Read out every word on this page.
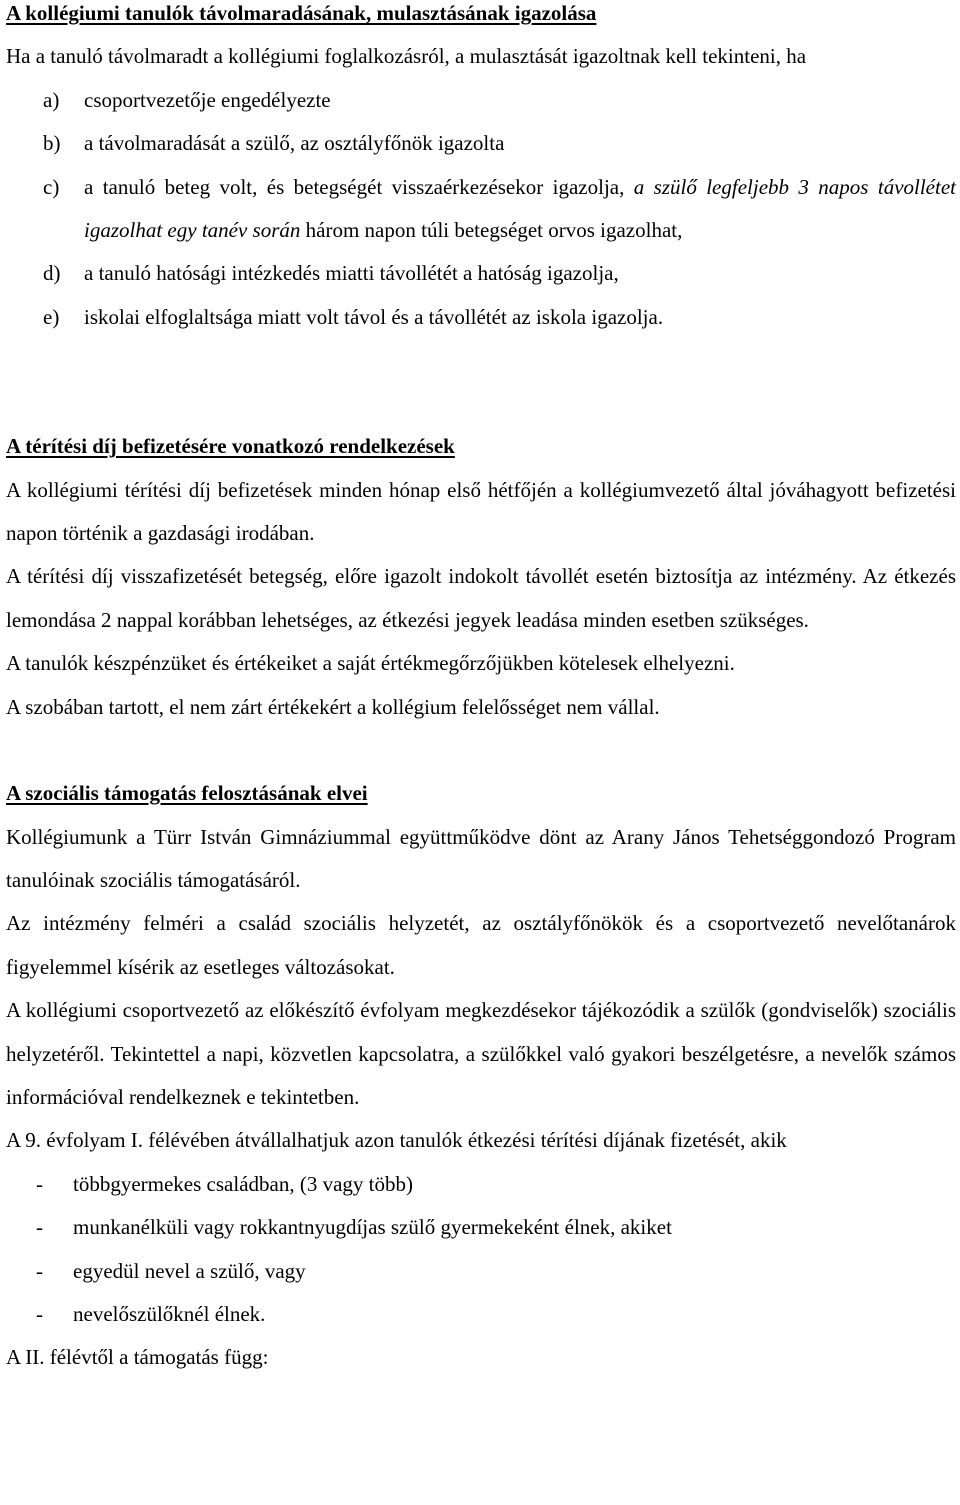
A kollégiumi tanulók távolmaradásának, mulasztásának igazolása
Ha a tanuló távolmaradt a kollégiumi foglalkozásról, a mulasztását igazoltnak kell tekinteni, ha
a)	csoportvezetője engedélyezte
b)	a távolmaradását a szülő, az osztályfőnök igazolta
c)	a tanuló beteg volt, és betegségét visszaérkezésekor igazolja, a szülő legfeljebb 3 napos távollétet igazolhat egy tanév során három napon túli betegséget orvos igazolhat,
d)	a tanuló hatósági intézkedés miatti távollétét a hatóság igazolja,
e)	iskolai elfoglaltsága miatt volt távol és a távollétét az iskola igazolja.
A térítési díj befizetésére vonatkozó rendelkezések
A kollégiumi térítési díj befizetések minden hónap első hétfőjén a kollégiumvezető által jóváhagyott befizetési napon történik a gazdasági irodában.
A térítési díj visszafizetését betegség, előre igazolt indokolt távollét esetén biztosítja az intézmény. Az étkezés lemondása 2 nappal korábban lehetséges, az étkezési jegyek leadása minden esetben szükséges.
A tanulók készpénzüket és értékeiket a saját értékmegőrzőjükben kötelesek elhelyezni.
A szobában tartott, el nem zárt értékekért a kollégium felelősséget nem vállal.
A szociális támogatás felosztásának elvei
Kollégiumunk a Türr István Gimnáziummal együttműködve dönt az Arany János Tehetséggondozó Program tanulóinak szociális támogatásáról.
Az intézmény felméri a család szociális helyzetét, az osztályfőnökök és a csoportvezető nevelőtanárok figyelemmel kísérik az esetleges változásokat.
A kollégiumi csoportvezető az előkészítő évfolyam megkezdésekor tájékozódik a szülők (gondviselők) szociális helyzetéről. Tekintettel a napi, közvetlen kapcsolatra, a szülőkkel való gyakori beszélgetésre, a nevelők számos információval rendelkeznek e tekintetben.
A 9. évfolyam I. félévében átvállalhatjuk azon tanulók étkezési térítési díjának fizetését, akik
-	többgyermekes családban, (3 vagy több)
-	munkanélküli vagy rokkantnyugdíjas szülő gyermekeként élnek, akiket
-	egyedül nevel a szülő, vagy
-	nevelőszülőknél élnek.
A II. félévtől a támogatás függ:
